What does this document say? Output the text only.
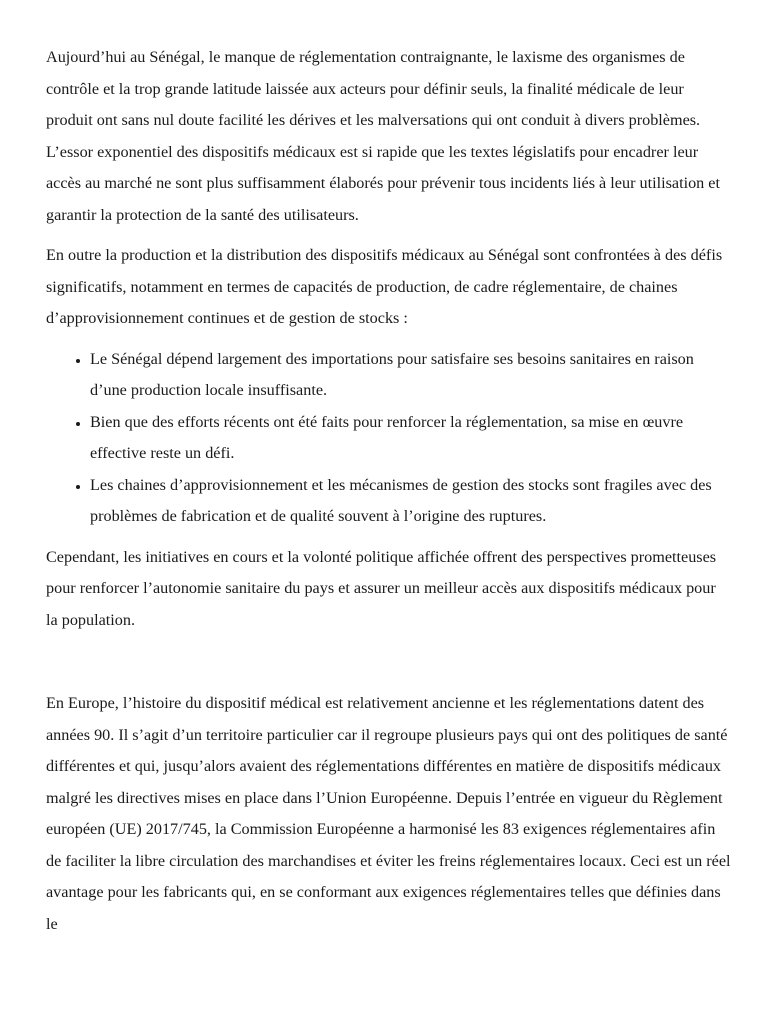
Aujourd’hui au Sénégal, le manque de réglementation contraignante, le laxisme des organismes de contrôle et la trop grande latitude laissée aux acteurs pour définir seuls, la finalité médicale de leur produit ont sans nul doute facilité les dérives et les malversations qui ont conduit à divers problèmes. L’essor exponentiel des dispositifs médicaux est si rapide que les textes législatifs pour encadrer leur accès au marché ne sont plus suffisamment élaborés pour prévenir tous incidents liés à leur utilisation et garantir la protection de la santé des utilisateurs.

En outre la production et la distribution des dispositifs médicaux au Sénégal sont confrontées à des défis significatifs, notamment en termes de capacités de production, de cadre réglementaire, de chaines d’approvisionnement continues et de gestion de stocks :

• Le Sénégal dépend largement des importations pour satisfaire ses besoins sanitaires en raison d’une production locale insuffisante.
• Bien que des efforts récents ont été faits pour renforcer la réglementation, sa mise en œuvre effective reste un défi.
• Les chaines d’approvisionnement et les mécanismes de gestion des stocks sont fragiles avec des problèmes de fabrication et de qualité souvent à l’origine des ruptures.

Cependant, les initiatives en cours et la volonté politique affichée offrent des perspectives prometteuses pour renforcer l’autonomie sanitaire du pays et assurer un meilleur accès aux dispositifs médicaux pour la population.

En Europe, l’histoire du dispositif médical est relativement ancienne et les réglementations datent des années 90. Il s’agit d’un territoire particulier car il regroupe plusieurs pays qui ont des politiques de santé différentes et qui, jusqu’alors avaient des réglementations différentes en matière de dispositifs médicaux malgré les directives mises en place dans l’Union Européenne. Depuis l’entrée en vigueur du Règlement européen (UE) 2017/745, la Commission Européenne a harmonisé les 83 exigences réglementaires afin de faciliter la libre circulation des marchandises et éviter les freins réglementaires locaux. Ceci est un réel avantage pour les fabricants qui, en se conformant aux exigences réglementaires telles que définies dans le
